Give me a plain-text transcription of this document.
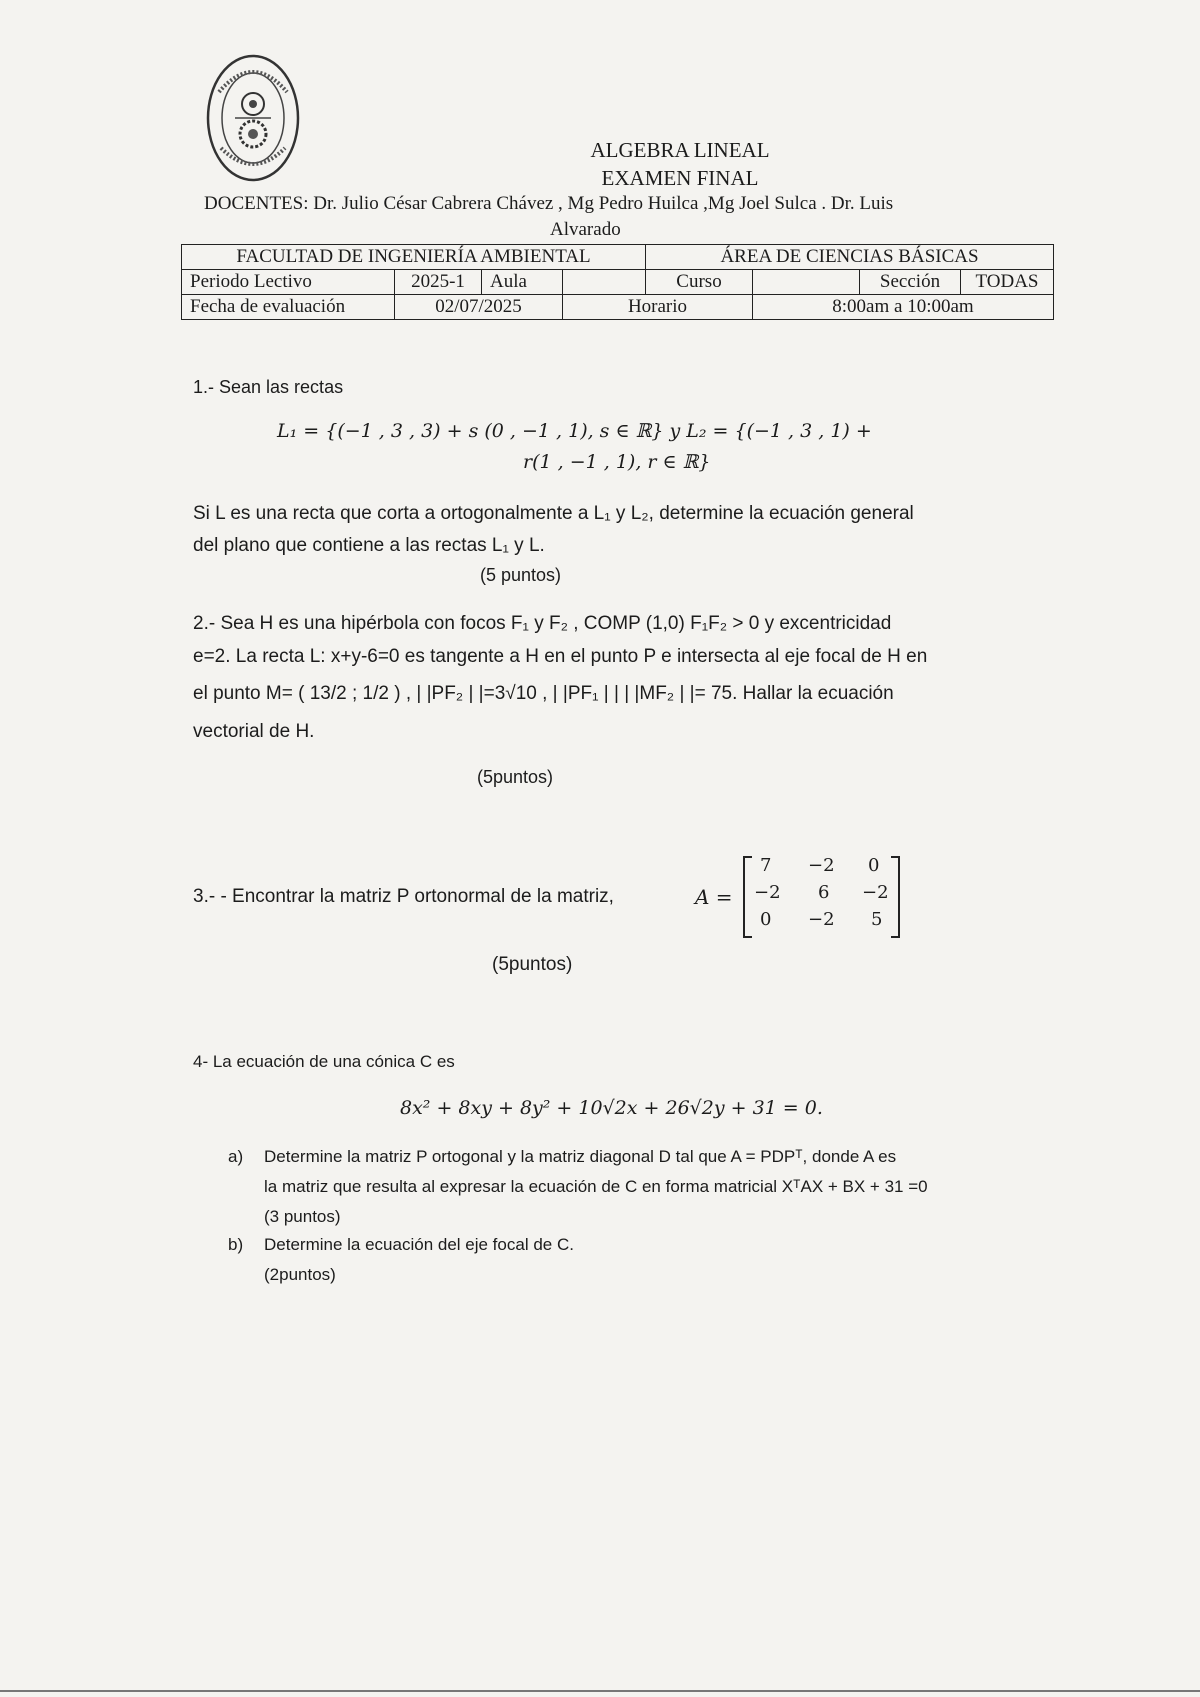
ALGEBRA LINEAL
EXAMEN FINAL
DOCENTES: Dr. Julio César Cabrera Chávez , Mg Pedro Huilca ,Mg Joel Sulca . Dr. Luis
Alvarado
FACULTAD DE INGENIERÍA AMBIENTAL				ÁREA DE CIENCIAS BÁSICAS			
Periodo Lectivo	2025-1	Aula		Curso		Sección	TODAS
Fecha de evaluación	02/07/2025		Horario		8:00am a 10:00am		
1.- Sean las rectas
L₁ = {(−1 , 3 , 3) + s (0 , −1 , 1), s ∈ ℝ} y L₂ = {(−1 , 3 , 1) +
r(1 , −1 , 1), r ∈ ℝ}
Si L es una recta que corta a ortogonalmente a L₁ y L₂, determine la ecuación general
del plano que contiene a las rectas L₁ y L.
(5 puntos)
2.- Sea H es una hipérbola con focos F₁ y F₂ , COMP (1,0) F₁F₂ > 0 y excentricidad
e=2. La recta L: x+y-6=0 es tangente a H en el punto P e intersecta al eje focal de H en
el punto M= ( 13/2 ; 1/2 ) , | |PF₂ | |=3√10 , | |PF₁ | | | |MF₂ | |= 75. Hallar la ecuación
vectorial de H.
(5puntos)
3.- - Encontrar la matriz P ortonormal de la matriz,	A =
7 −2 0
−2 6 −2
0 −2 5
(5puntos)
4- La ecuación de una cónica C es
8x² + 8xy + 8y² + 10√2x + 26√2y + 31 = 0.
a) Determine la matriz P ortogonal y la matriz diagonal D tal que A = PDPᵀ, donde A es
la matriz que resulta al expresar la ecuación de C en forma matricial XᵀAX + BX + 31 =0
(3 puntos)
b) Determine la ecuación del eje focal de C.
(2puntos)
